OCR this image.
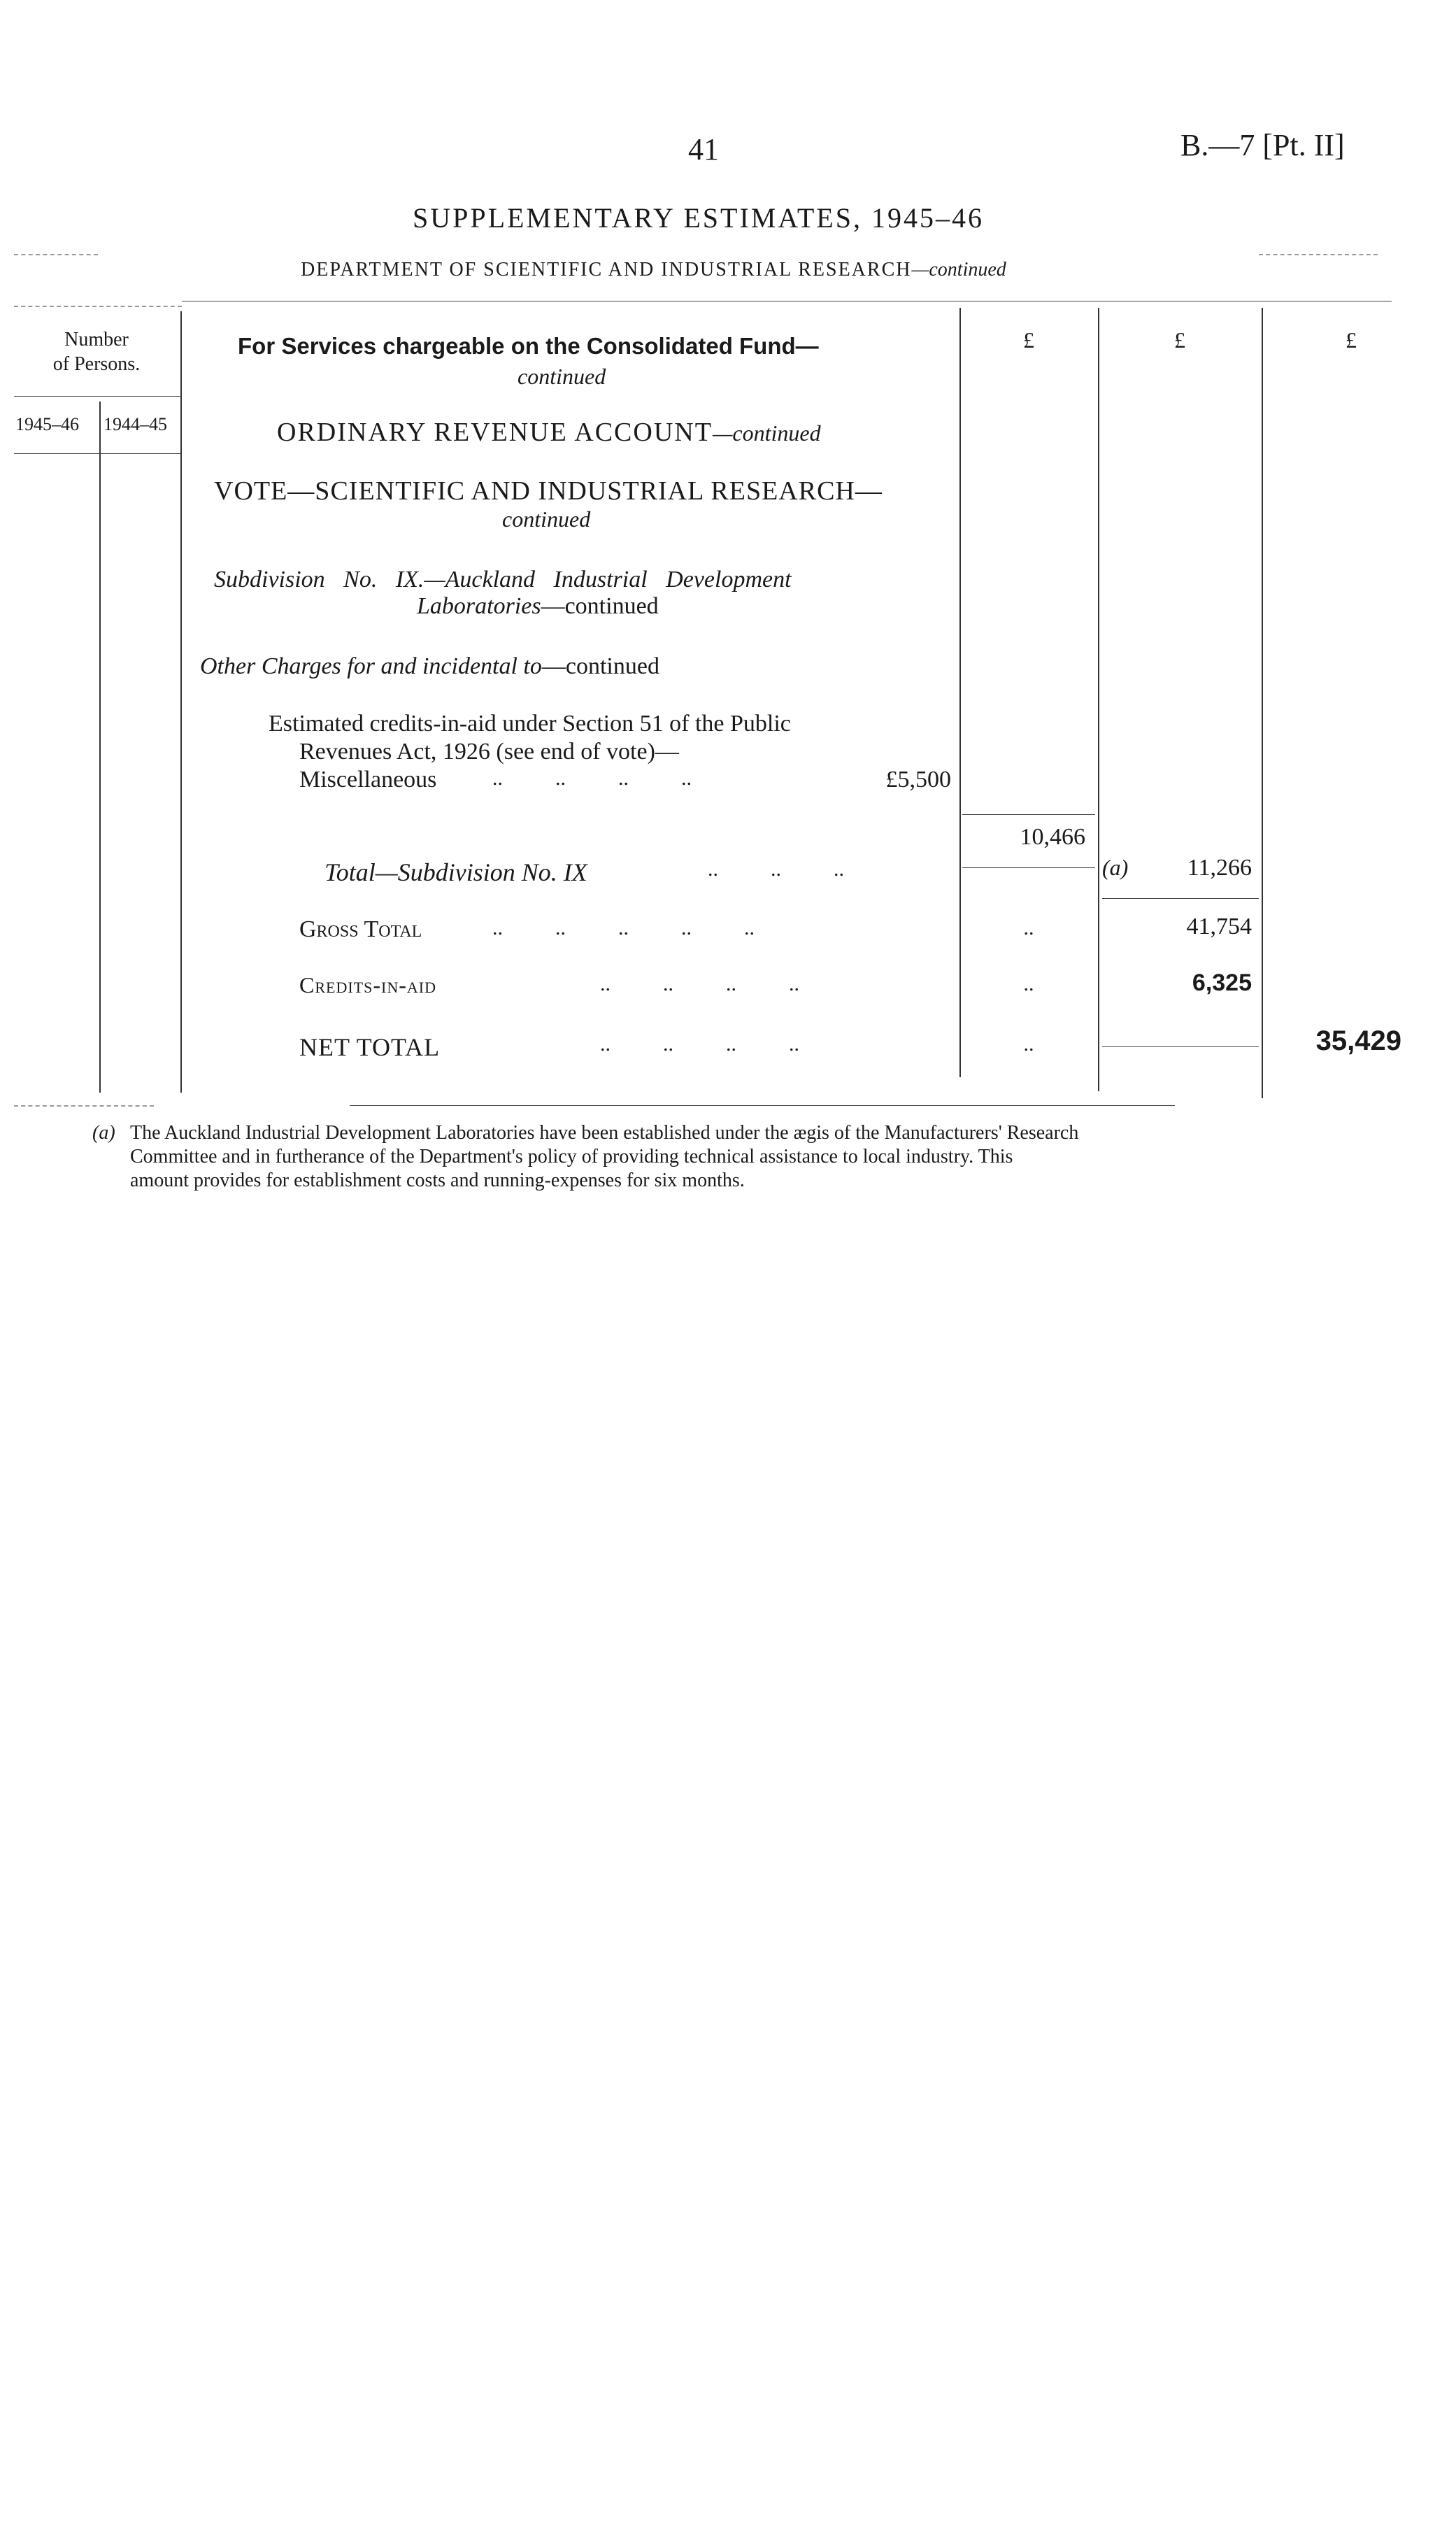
41	B.—7 [Pt. II]
SUPPLEMENTARY ESTIMATES, 1945–46
DEPARTMENT OF SCIENTIFIC AND INDUSTRIAL RESEARCH—continued
Number
of Persons.
1945–46 1944–45
£	£	£
For Services chargeable on the Consolidated Fund—
continued
ORDINARY REVENUE ACCOUNT—continued
VOTE—SCIENTIFIC AND INDUSTRIAL RESEARCH—
continued
Subdivision No. IX.—Auckland Industrial Development
Laboratories—continued
Other Charges for and incidental to—continued
Estimated credits-in-aid under Section 51 of the Public
Revenues Act, 1926 (see end of vote)—
Miscellaneous	..          ..          ..          ..	£5,500
10,466
Total—Subdivision No. IX	..          ..          ..	(a)	11,266
Gross Total	..          ..          ..          ..          ..	..	41,754
Credits-in-aid	..          ..          ..          ..	..	6,325
NET TOTAL	..          ..          ..          ..	..	35,429
(a) The Auckland Industrial Development Laboratories have been established under the ægis of the Manufacturers' Research
Committee and in furtherance of the Department's policy of providing technical assistance to local industry. This
amount provides for establishment costs and running-expenses for six months.
